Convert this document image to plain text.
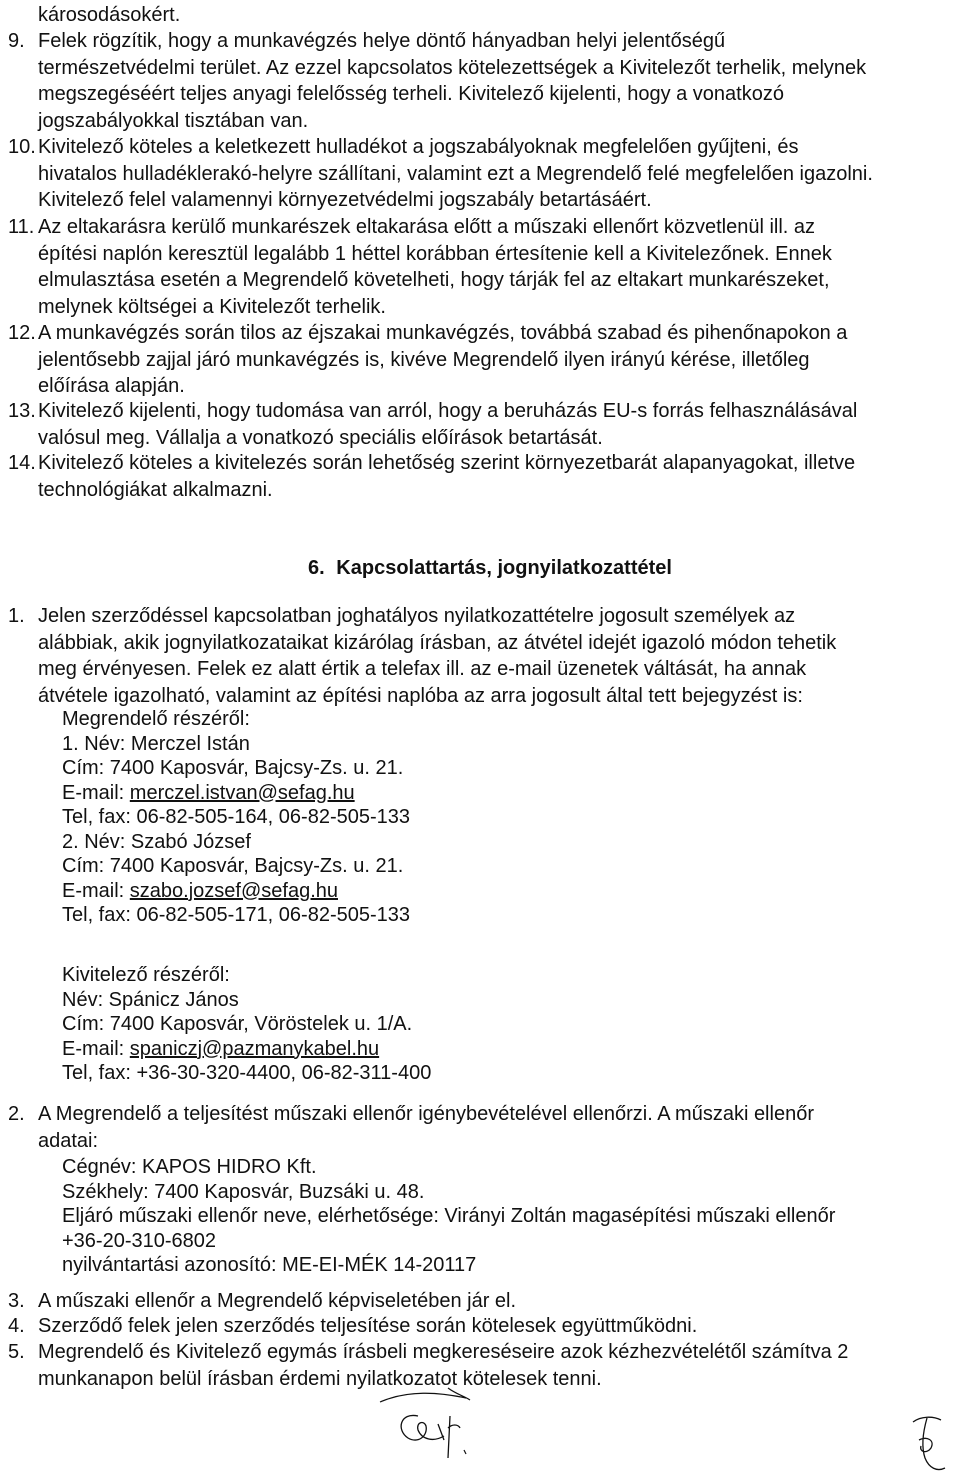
károsodásokért.
9. Felek rögzítik, hogy a munkavégzés helye döntő hányadban helyi jelentőségű
természetvédelmi terület. Az ezzel kapcsolatos kötelezettségek a Kivitelezőt terhelik, melynek
megszegéséért teljes anyagi felelősség terheli. Kivitelező kijelenti, hogy a vonatkozó
jogszabályokkal tisztában van.
10. Kivitelező köteles a keletkezett hulladékot a jogszabályoknak megfelelően gyűjteni, és
hivatalos hulladéklerakó-helyre szállítani, valamint ezt a Megrendelő felé megfelelően igazolni.
Kivitelező felel valamennyi környezetvédelmi jogszabály betartásáért.
11. Az eltakarásra kerülő munkarészek eltakarása előtt a műszaki ellenőrt közvetlenül ill. az
építési naplón keresztül legalább 1 héttel korábban értesítenie kell a Kivitelezőnek. Ennek
elmulasztása esetén a Megrendelő követelheti, hogy tárják fel az eltakart munkarészeket,
melynek költségei a Kivitelezőt terhelik.
12. A munkavégzés során tilos az éjszakai munkavégzés, továbbá szabad és pihenőnapokon a
jelentősebb zajjal járó munkavégzés is, kivéve Megrendelő ilyen irányú kérése, illetőleg
előírása alapján.
13. Kivitelező kijelenti, hogy tudomása van arról, hogy a beruházás EU-s forrás felhasználásával
valósul meg. Vállalja a vonatkozó speciális előírások betartását.
14. Kivitelező köteles a kivitelezés során lehetőség szerint környezetbarát alapanyagokat, illetve
technológiákat alkalmazni.
6. Kapcsolattartás, jognyilatkozattétel
1. Jelen szerződéssel kapcsolatban joghatályos nyilatkozattételre jogosult személyek az
alábbiak, akik jognyilatkozataikat kizárólag írásban, az átvétel idejét igazoló módon tehetik
meg érvényesen. Felek ez alatt értik a telefax ill. az e-mail üzenetek váltását, ha annak
átvétele igazolható, valamint az építési naplóba az arra jogosult által tett bejegyzést is:
Megrendelő részéről:
1. Név: Merczel Istán
Cím: 7400 Kaposvár, Bajcsy-Zs. u. 21.
E-mail: merczel.istvan@sefag.hu
Tel, fax: 06-82-505-164, 06-82-505-133
2. Név: Szabó József
Cím: 7400 Kaposvár, Bajcsy-Zs. u. 21.
E-mail: szabo.jozsef@sefag.hu
Tel, fax: 06-82-505-171, 06-82-505-133
Kivitelező részéről:
Név: Spánicz János
Cím: 7400 Kaposvár, Vöröstelek u. 1/A.
E-mail: spaniczj@pazmanykabel.hu
Tel, fax: +36-30-320-4400, 06-82-311-400
2. A Megrendelő a teljesítést műszaki ellenőr igénybevételével ellenőrzi. A műszaki ellenőr
adatai:
Cégnév: KAPOS HIDRO Kft.
Székhely: 7400 Kaposvár, Buzsáki u. 48.
Eljáró műszaki ellenőr neve, elérhetősége: Virányi Zoltán magasépítési műszaki ellenőr
+36-20-310-6802
nyilvántartási azonosító: ME-EI-MÉK 14-20117
3. A műszaki ellenőr a Megrendelő képviseletében jár el.
4. Szerződő felek jelen szerződés teljesítése során kötelesek együttműködni.
5. Megrendelő és Kivitelező egymás írásbeli megkereséseire azok kézhezvételétől számítva 2
munkanapon belül írásban érdemi nyilatkozatot kötelesek tenni.
